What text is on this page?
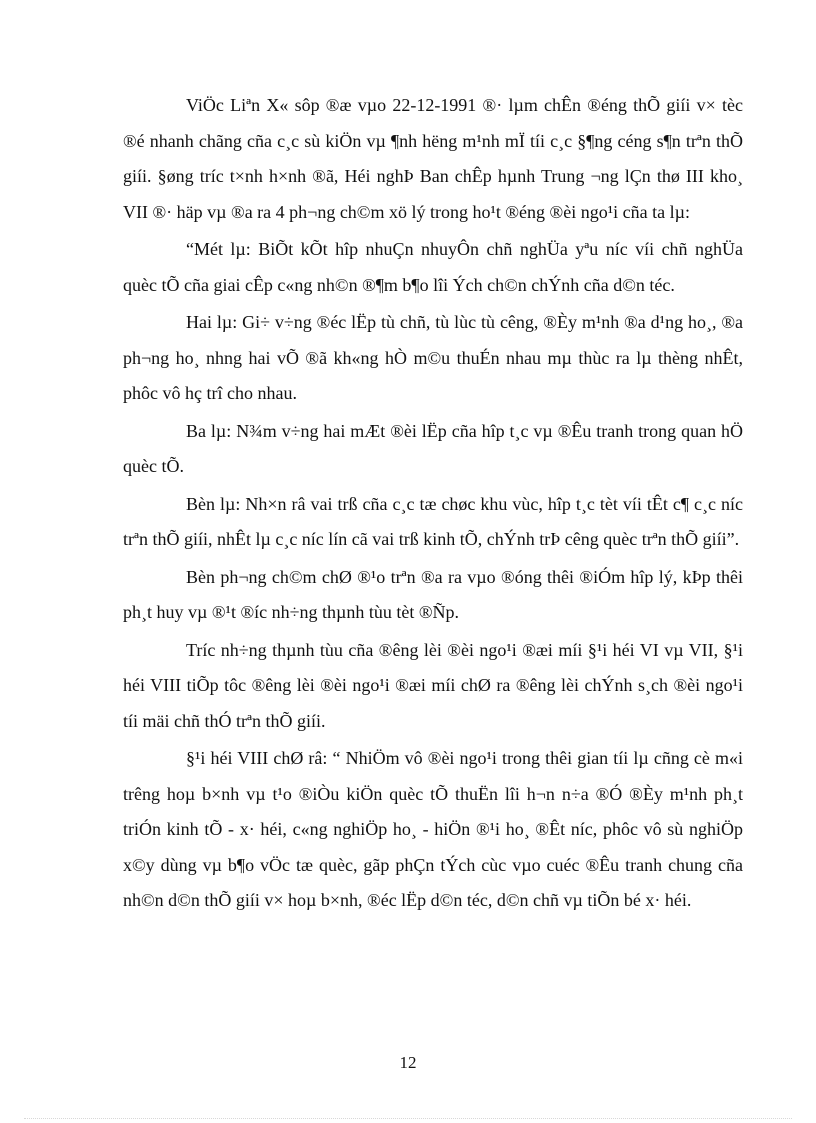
ViÖc Liªn X« sôp ®æ vµo 22-12-1991 ®· lµm chÊn ®éng thÕ giíi v× tèc ®é nhanh chãng cña c¸c sù kiÖn vµ ¶nh hëng m¹nh mÏ tíi c¸c §¶ng céng s¶n trªn thÕ giíi. §øng tríc t×nh h×nh ®ã, Héi nghÞ Ban chÊp hµnh Trung ¬ng lÇn thø III kho¸ VII ®· häp vµ ®a ra 4 ph¬ng ch©m xö lý trong ho¹t ®éng ®èi ngo¹i cña ta lµ:

“Mét lµ: BiÕt kÕt hîp nhuÇn nhuyÔn chñ nghÜa yªu níc víi chñ nghÜa quèc tÕ cña giai cÊp c«ng nh©n ®¶m b¶o lîi Ých ch©n chÝnh cña d©n téc.

Hai lµ: Gi÷ v÷ng ®éc lËp tù chñ, tù lùc tù cêng, ®Èy m¹nh ®a d¹ng ho¸, ®a ph¬ng ho¸ nhng hai vÕ ®ã kh«ng hÒ m©u thuÉn nhau mµ thùc ra lµ thèng nhÊt, phôc vô hç trî cho nhau.

Ba lµ: N¾m v÷ng hai mÆt ®èi lËp cña hîp t¸c vµ ®Êu tranh trong quan hÖ quèc tÕ.

Bèn lµ: Nh×n râ vai trß cña c¸c tæ chøc khu vùc, hîp t¸c tèt víi tÊt c¶ c¸c níc trªn thÕ giíi, nhÊt lµ c¸c níc lín cã vai trß kinh tÕ, chÝnh trÞ cêng quèc trªn thÕ giíi”.

Bèn ph¬ng ch©m chØ ®¹o trªn ®a ra vµo ®óng thêi ®iÓm hîp lý, kÞp thêi ph¸t huy vµ ®¹t ®íc nh÷ng thµnh tùu tèt ®Ñp.

Tríc nh÷ng thµnh tùu cña ®êng lèi ®èi ngo¹i ®æi míi §¹i héi VI vµ VII, §¹i héi VIII tiÕp tôc ®êng lèi ®èi ngo¹i ®æi míi chØ ra ®êng lèi chÝnh s¸ch ®èi ngo¹i tíi mäi chñ thÓ trªn thÕ giíi.

§¹i héi VIII chØ râ: “ NhiÖm vô ®èi ngo¹i trong thêi gian tíi lµ cñng cè m«i trêng hoµ b×nh vµ t¹o ®iÒu kiÖn quèc tÕ thuËn lîi h¬n n÷a ®Ó ®Èy m¹nh ph¸t triÓn kinh tÕ - x· héi, c«ng nghiÖp ho¸ - hiÖn ®¹i ho¸ ®Êt níc, phôc vô sù nghiÖp x©y dùng vµ b¶o vÖc tæ quèc, gãp phÇn tÝch cùc vµo cuéc ®Êu tranh chung cña nh©n d©n thÕ giíi v× hoµ b×nh, ®éc lËp d©n téc, d©n chñ vµ tiÕn bé x· héi.

12
